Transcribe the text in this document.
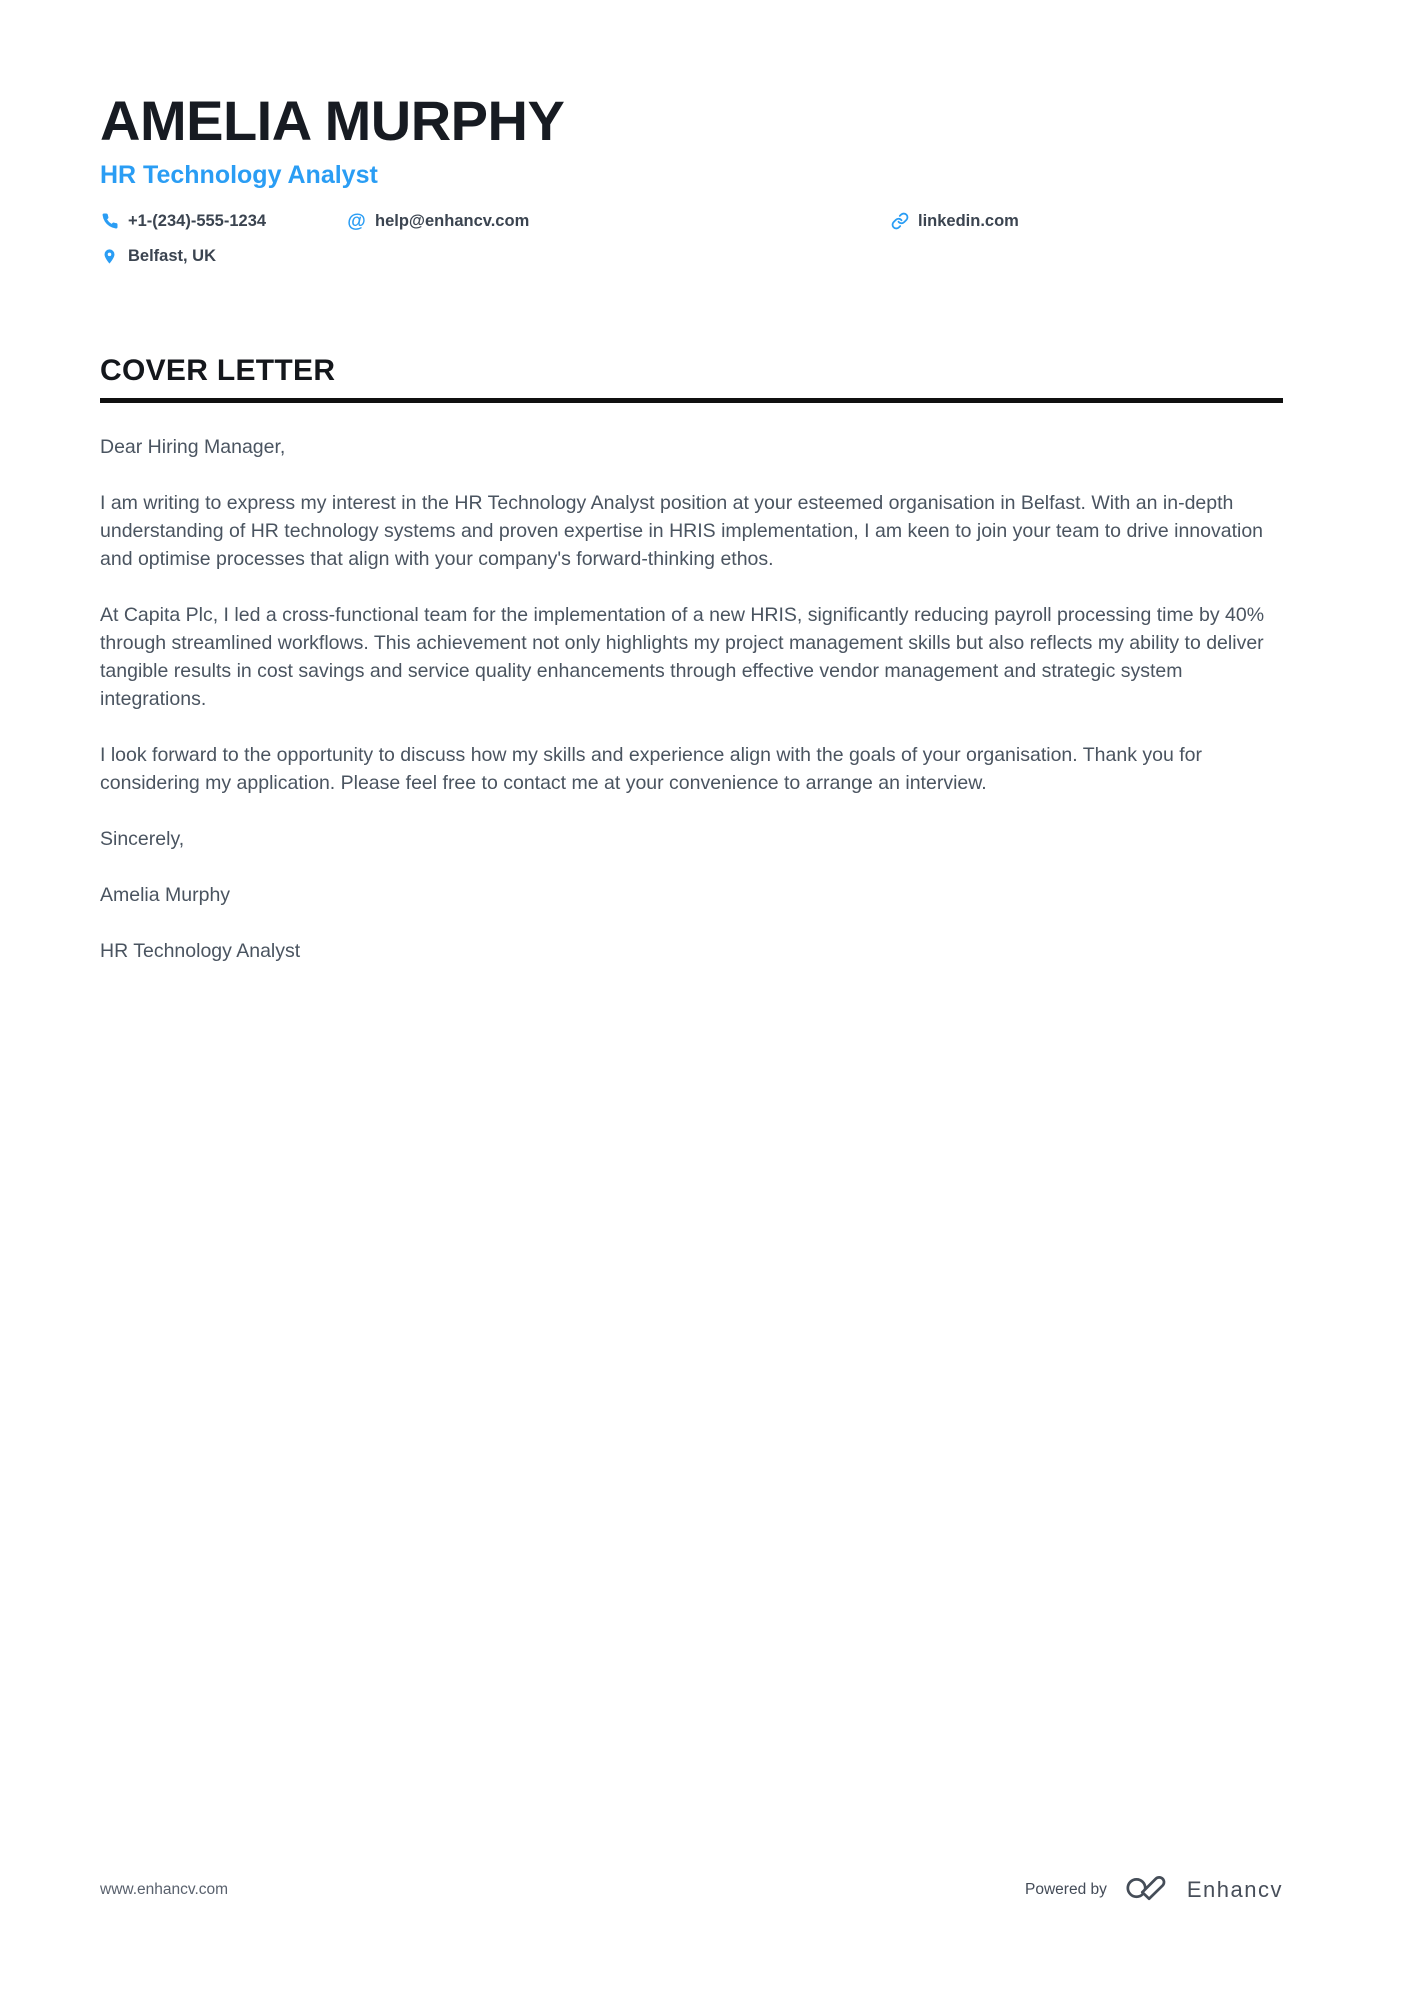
AMELIA MURPHY
HR Technology Analyst
+1-(234)-555-1234	@ help@enhancv.com	linkedin.com
Belfast, UK
COVER LETTER

Dear Hiring Manager,

I am writing to express my interest in the HR Technology Analyst position at your esteemed organisation in Belfast. With an in-depth understanding of HR technology systems and proven expertise in HRIS implementation, I am keen to join your team to drive innovation and optimise processes that align with your company's forward-thinking ethos.

At Capita Plc, I led a cross-functional team for the implementation of a new HRIS, significantly reducing payroll processing time by 40% through streamlined workflows. This achievement not only highlights my project management skills but also reflects my ability to deliver tangible results in cost savings and service quality enhancements through effective vendor management and strategic system integrations.

I look forward to the opportunity to discuss how my skills and experience align with the goals of your organisation. Thank you for considering my application. Please feel free to contact me at your convenience to arrange an interview.

Sincerely,

Amelia Murphy

HR Technology Analyst

www.enhancv.com	Powered by	Enhancv
